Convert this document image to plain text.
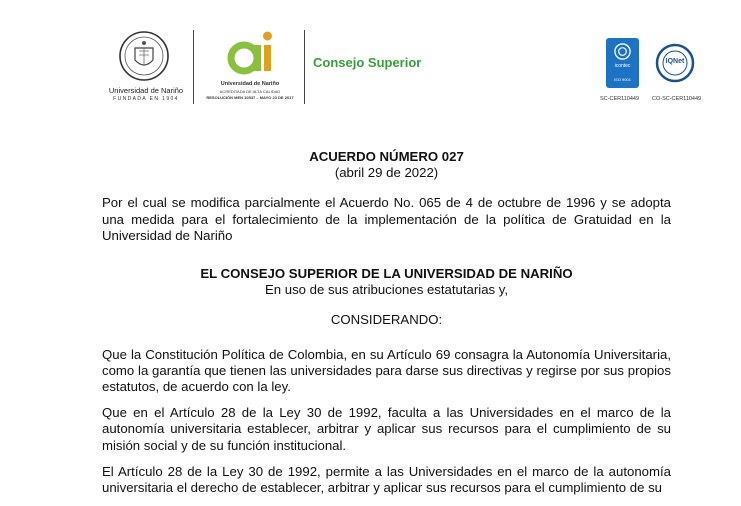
Universidad de Nariño
FUNDADA EN 1904
Universidad de Nariño
ACREDITADA DE ALTA CALIDAD
RESOLUCIÓN MEN 10537 – MAYO 23 DE 2017
Consejo Superior	icontec
ISO 9001
IQNet
SC-CER110449 CO-SC-CER110449

ACUERDO NÚMERO 027

(abril 29 de 2022)

Por el cual se modifica parcialmente el Acuerdo No. 065 de 4 de octubre de 1996 y se adopta una medida para el fortalecimiento de la implementación de la política de Gratuidad en la Universidad de Nariño

EL CONSEJO SUPERIOR DE LA UNIVERSIDAD DE NARIÑO

En uso de sus atribuciones estatutarias y,

CONSIDERANDO:

Que la Constitución Política de Colombia, en su Artículo 69 consagra la Autonomía Universitaria, como la garantía que tienen las universidades para darse sus directivas y regirse por sus propios estatutos, de acuerdo con la ley.

Que en el Artículo 28 de la Ley 30 de 1992, faculta a las Universidades en el marco de la autonomía universitaria establecer, arbitrar y aplicar sus recursos para el cumplimiento de su misión social y de su función institucional.

El Artículo 28 de la Ley 30 de 1992, permite a las Universidades en el marco de la autonomía universitaria el derecho de establecer, arbitrar y aplicar sus recursos para el cumplimiento de su
